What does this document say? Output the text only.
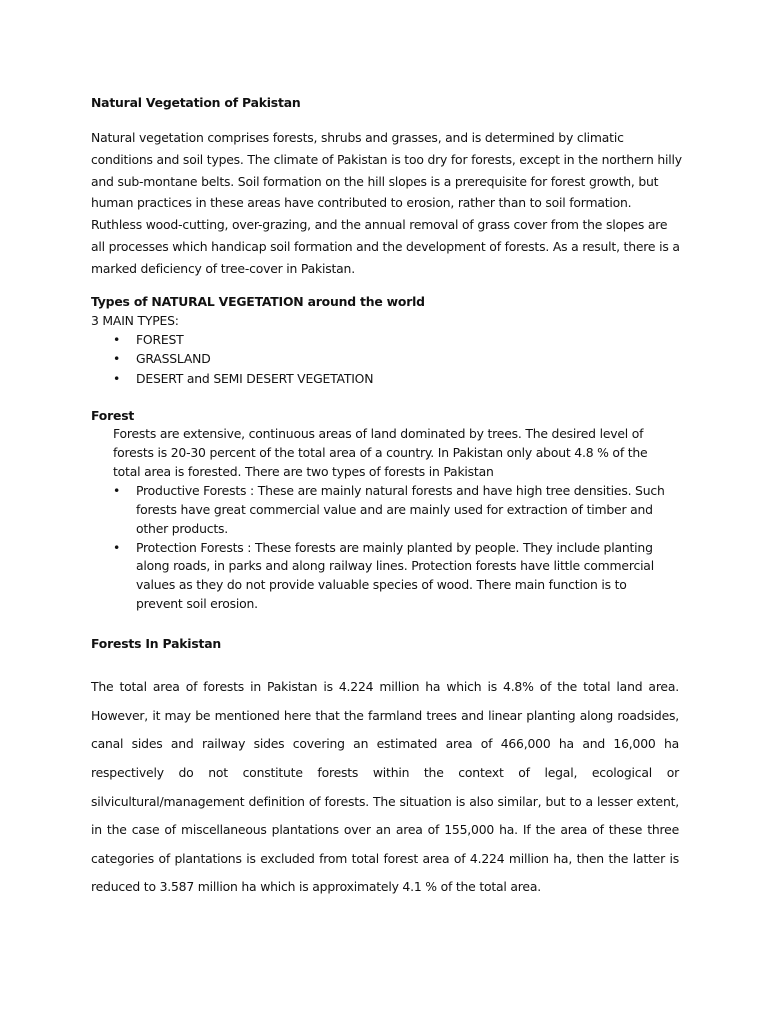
Natural Vegetation of Pakistan

Natural vegetation comprises forests, shrubs and grasses, and is determined by climatic conditions and soil types. The climate of Pakistan is too dry for forests, except in the northern hilly and sub-montane belts. Soil formation on the hill slopes is a prerequisite for forest growth, but human practices in these areas have contributed to erosion, rather than to soil formation. Ruthless wood-cutting, over-grazing, and the annual removal of grass cover from the slopes are all processes which handicap soil formation and the development of forests. As a result, there is a marked deficiency of tree-cover in Pakistan.

Types of NATURAL VEGETATION around the world
3 MAIN TYPES:
• FOREST
• GRASSLAND
• DESERT and SEMI DESERT VEGETATION
Forest

Forests are extensive, continuous areas of land dominated by trees. The desired level of forests is 20-30 percent of the total area of a country. In Pakistan only about 4.8 % of the total area is forested. There are two types of forests in Pakistan

• Productive Forests : These are mainly natural forests and have high tree densities. Such forests have great commercial value and are mainly used for extraction of timber and other products.
• Protection Forests : These forests are mainly planted by people. They include planting along roads, in parks and along railway lines. Protection forests have little commercial values as they do not provide valuable species of wood. There main function is to prevent soil erosion.
Forests In Pakistan

The total area of forests in Pakistan is 4.224 million ha which is 4.8% of the total land area. However, it may be mentioned here that the farmland trees and linear planting along roadsides, canal sides and railway sides covering an estimated area of 466,000 ha and 16,000 ha respectively do not constitute forests within the context of legal, ecological or silvicultural/management definition of forests. The situation is also similar, but to a lesser extent, in the case of miscellaneous plantations over an area of 155,000 ha. If the area of these three categories of plantations is excluded from total forest area of 4.224 million ha, then the latter is reduced to 3.587 million ha which is approximately 4.1 % of the total area.
